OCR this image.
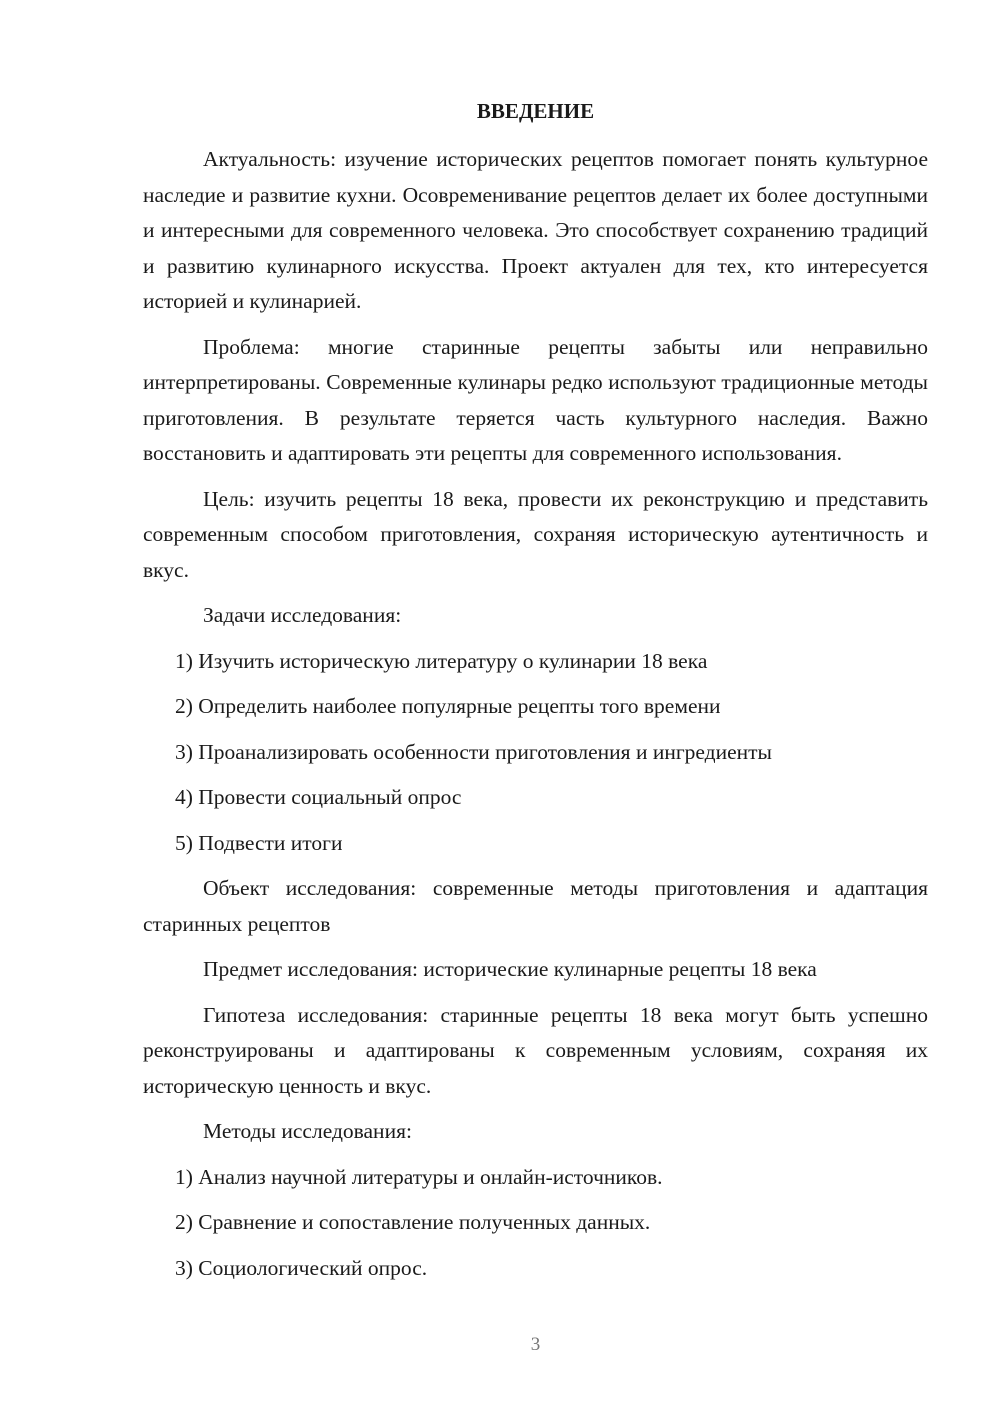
ВВЕДЕНИЕ

Актуальность: изучение исторических рецептов помогает понять культурное наследие и развитие кухни. Осовременивание рецептов делает их более доступными и интересными для современного человека. Это способствует сохранению традиций и развитию кулинарного искусства. Проект актуален для тех, кто интересуется историей и кулинарией.

Проблема: многие старинные рецепты забыты или неправильно интерпретированы. Современные кулинары редко используют традиционные методы приготовления. В результате теряется часть культурного наследия. Важно восстановить и адаптировать эти рецепты для современного использования.

Цель: изучить рецепты 18 века, провести их реконструкцию и представить современным способом приготовления, сохраняя историческую аутентичность и вкус.

Задачи исследования:

1) Изучить историческую литературу о кулинарии 18 века

2) Определить наиболее популярные рецепты того времени

3) Проанализировать особенности приготовления и ингредиенты

4) Провести социальный опрос

5) Подвести итоги

Объект исследования: современные методы приготовления и адаптация старинных рецептов

Предмет исследования: исторические кулинарные рецепты 18 века

Гипотеза исследования: старинные рецепты 18 века могут быть успешно реконструированы и адаптированы к современным условиям, сохраняя их историческую ценность и вкус.

Методы исследования:

1) Анализ научной литературы и онлайн-источников.

2) Сравнение и сопоставление полученных данных.

3) Социологический опрос.

3
